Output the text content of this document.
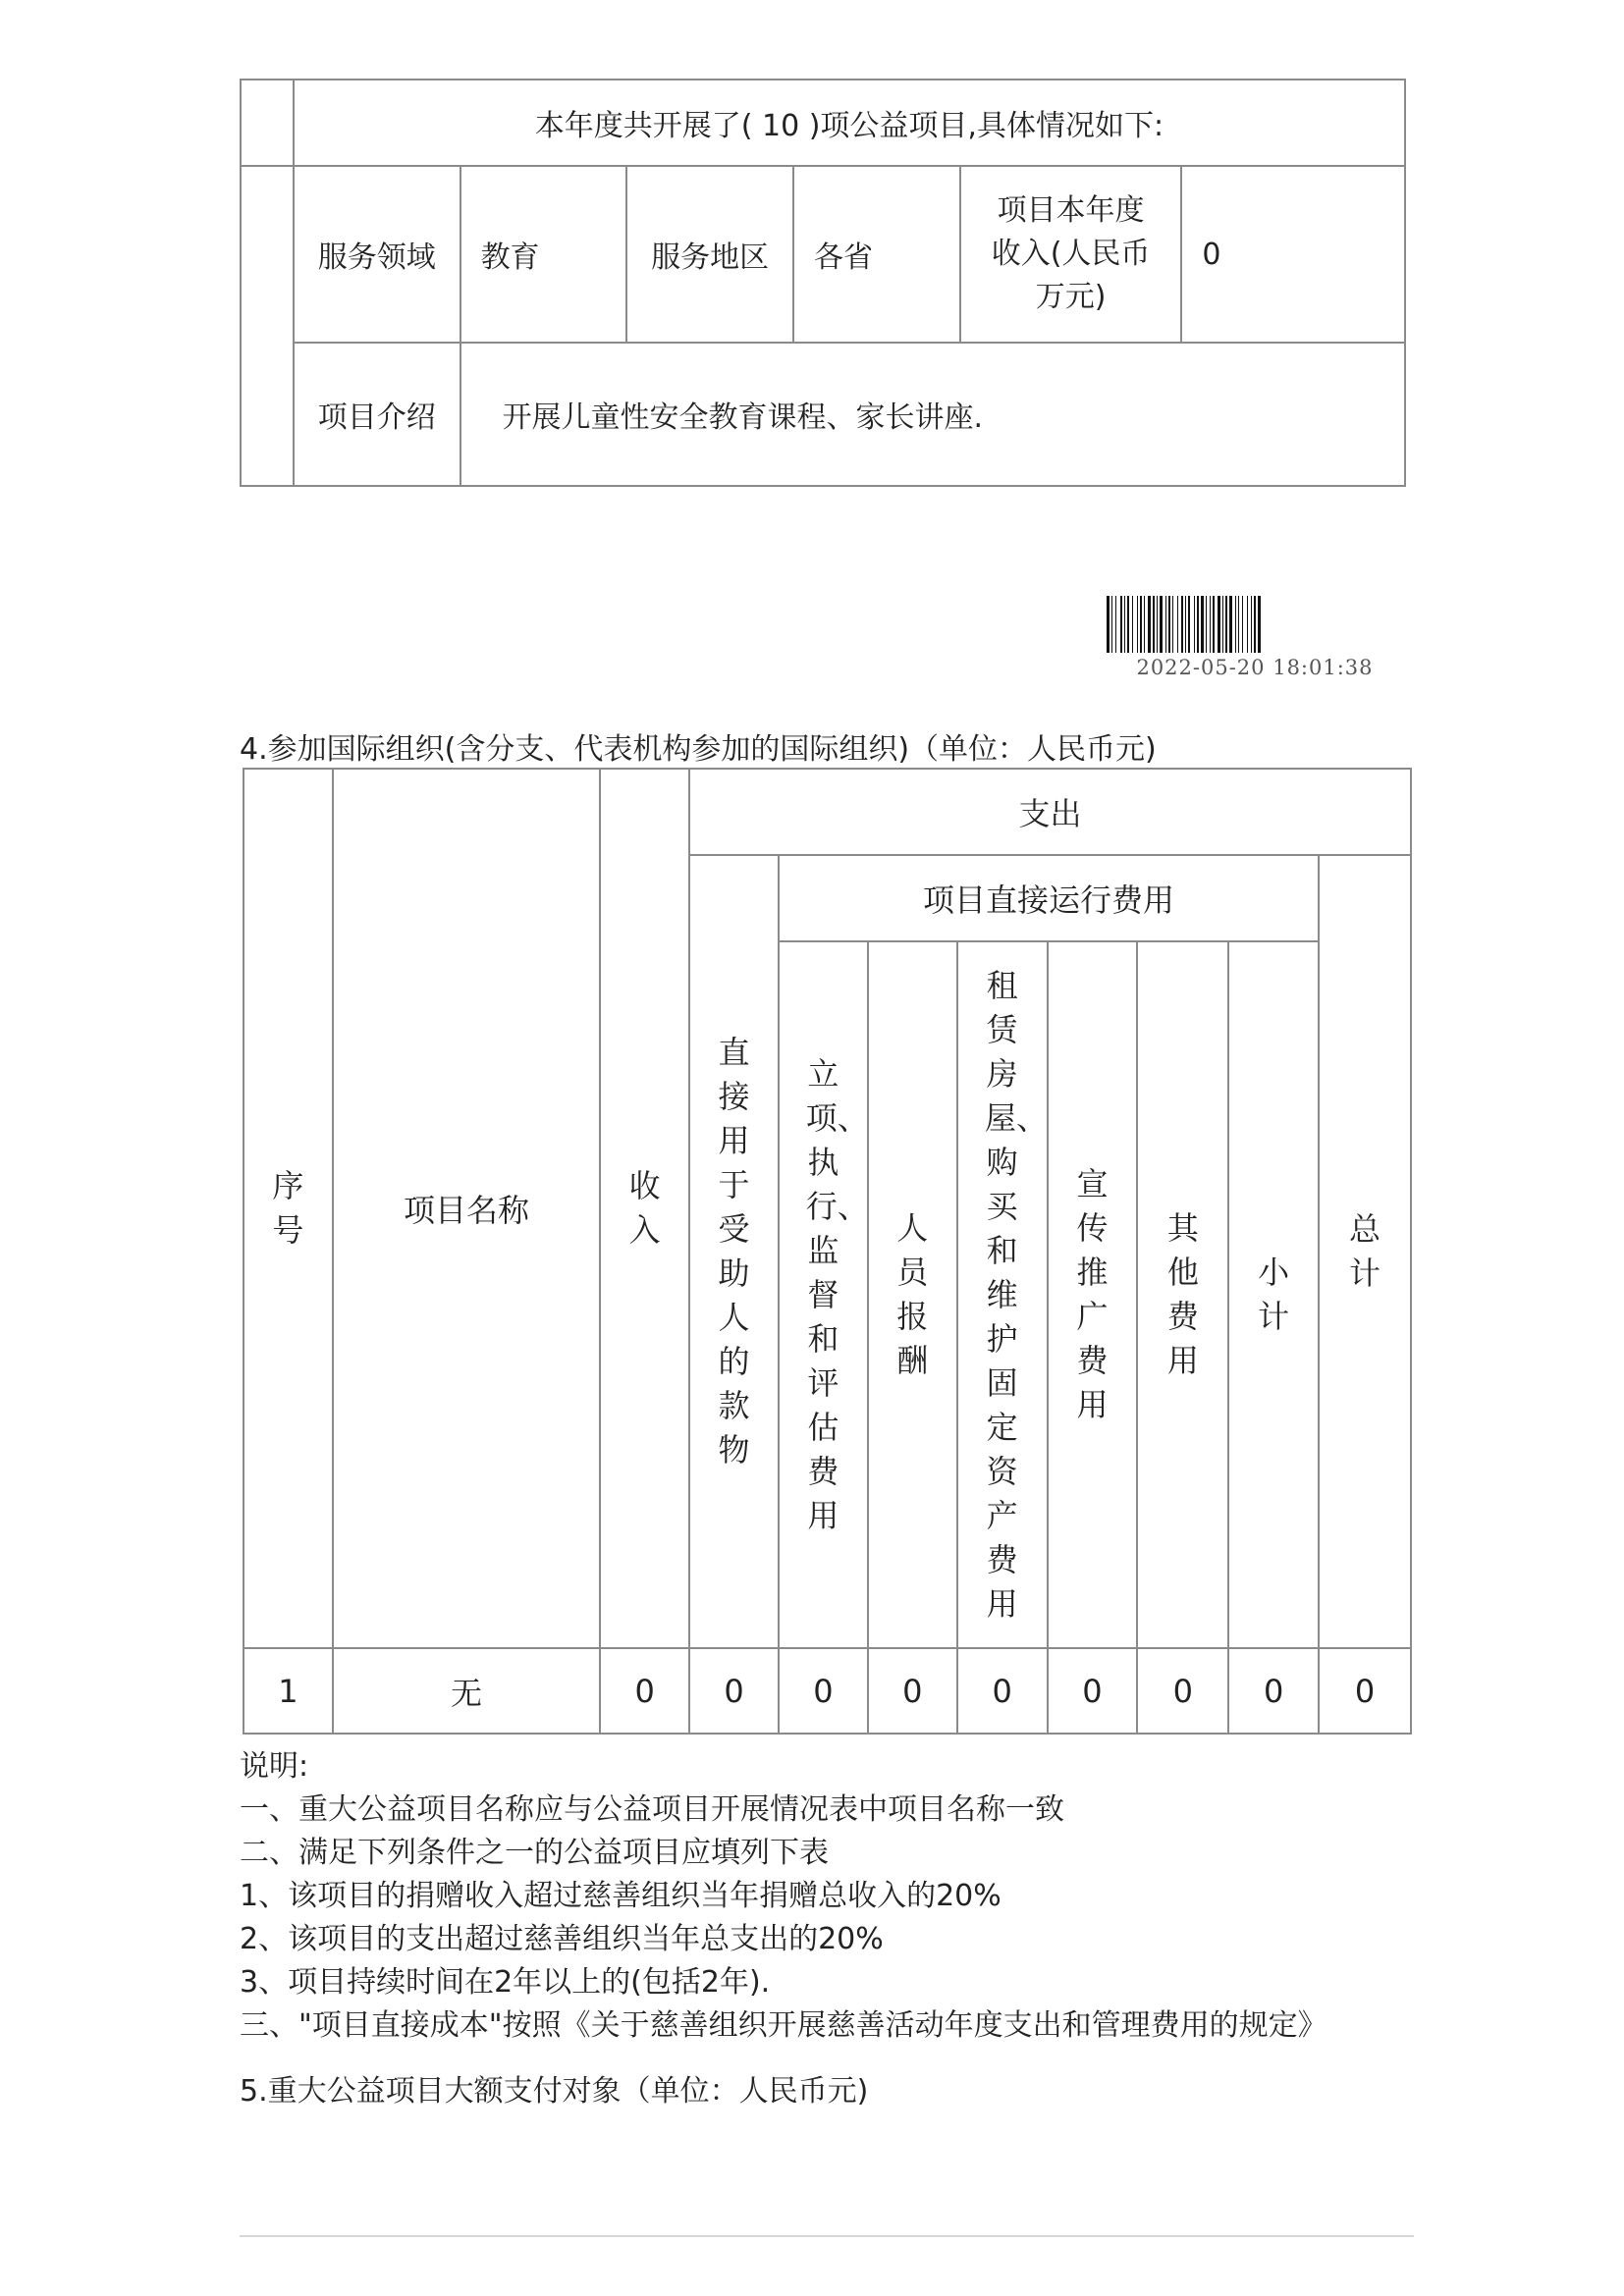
	本年度共开展了( 10 )项公益项目,具体情况如下:					
	服务领域	教育	服务地区	各省	项目本年度收入(人民币万元)	0
	项目介绍	开展儿童性安全教育课程、家长讲座.				
2022-05-20 18:01:38
4.参加国际组织(含分支、代表机构参加的国际组织)（单位：人民币元)
序号	项目名称	收入	支出							
			直接用于受助人的款物	项目直接运行费用						总计
				立项、执行、监督和评估费用	人员报酬	租赁房屋、购买和维护固定资产费用	宣传推广费用	其他费用	小计	
1	无	0	0	0	0	0	0	0	0	0
说明:
一、重大公益项目名称应与公益项目开展情况表中项目名称一致
二、满足下列条件之一的公益项目应填列下表
1、该项目的捐赠收入超过慈善组织当年捐赠总收入的20%
2、该项目的支出超过慈善组织当年总支出的20%
3、项目持续时间在2年以上的(包括2年).
三、"项目直接成本"按照《关于慈善组织开展慈善活动年度支出和管理费用的规定》
5.重大公益项目大额支付对象（单位：人民币元)
